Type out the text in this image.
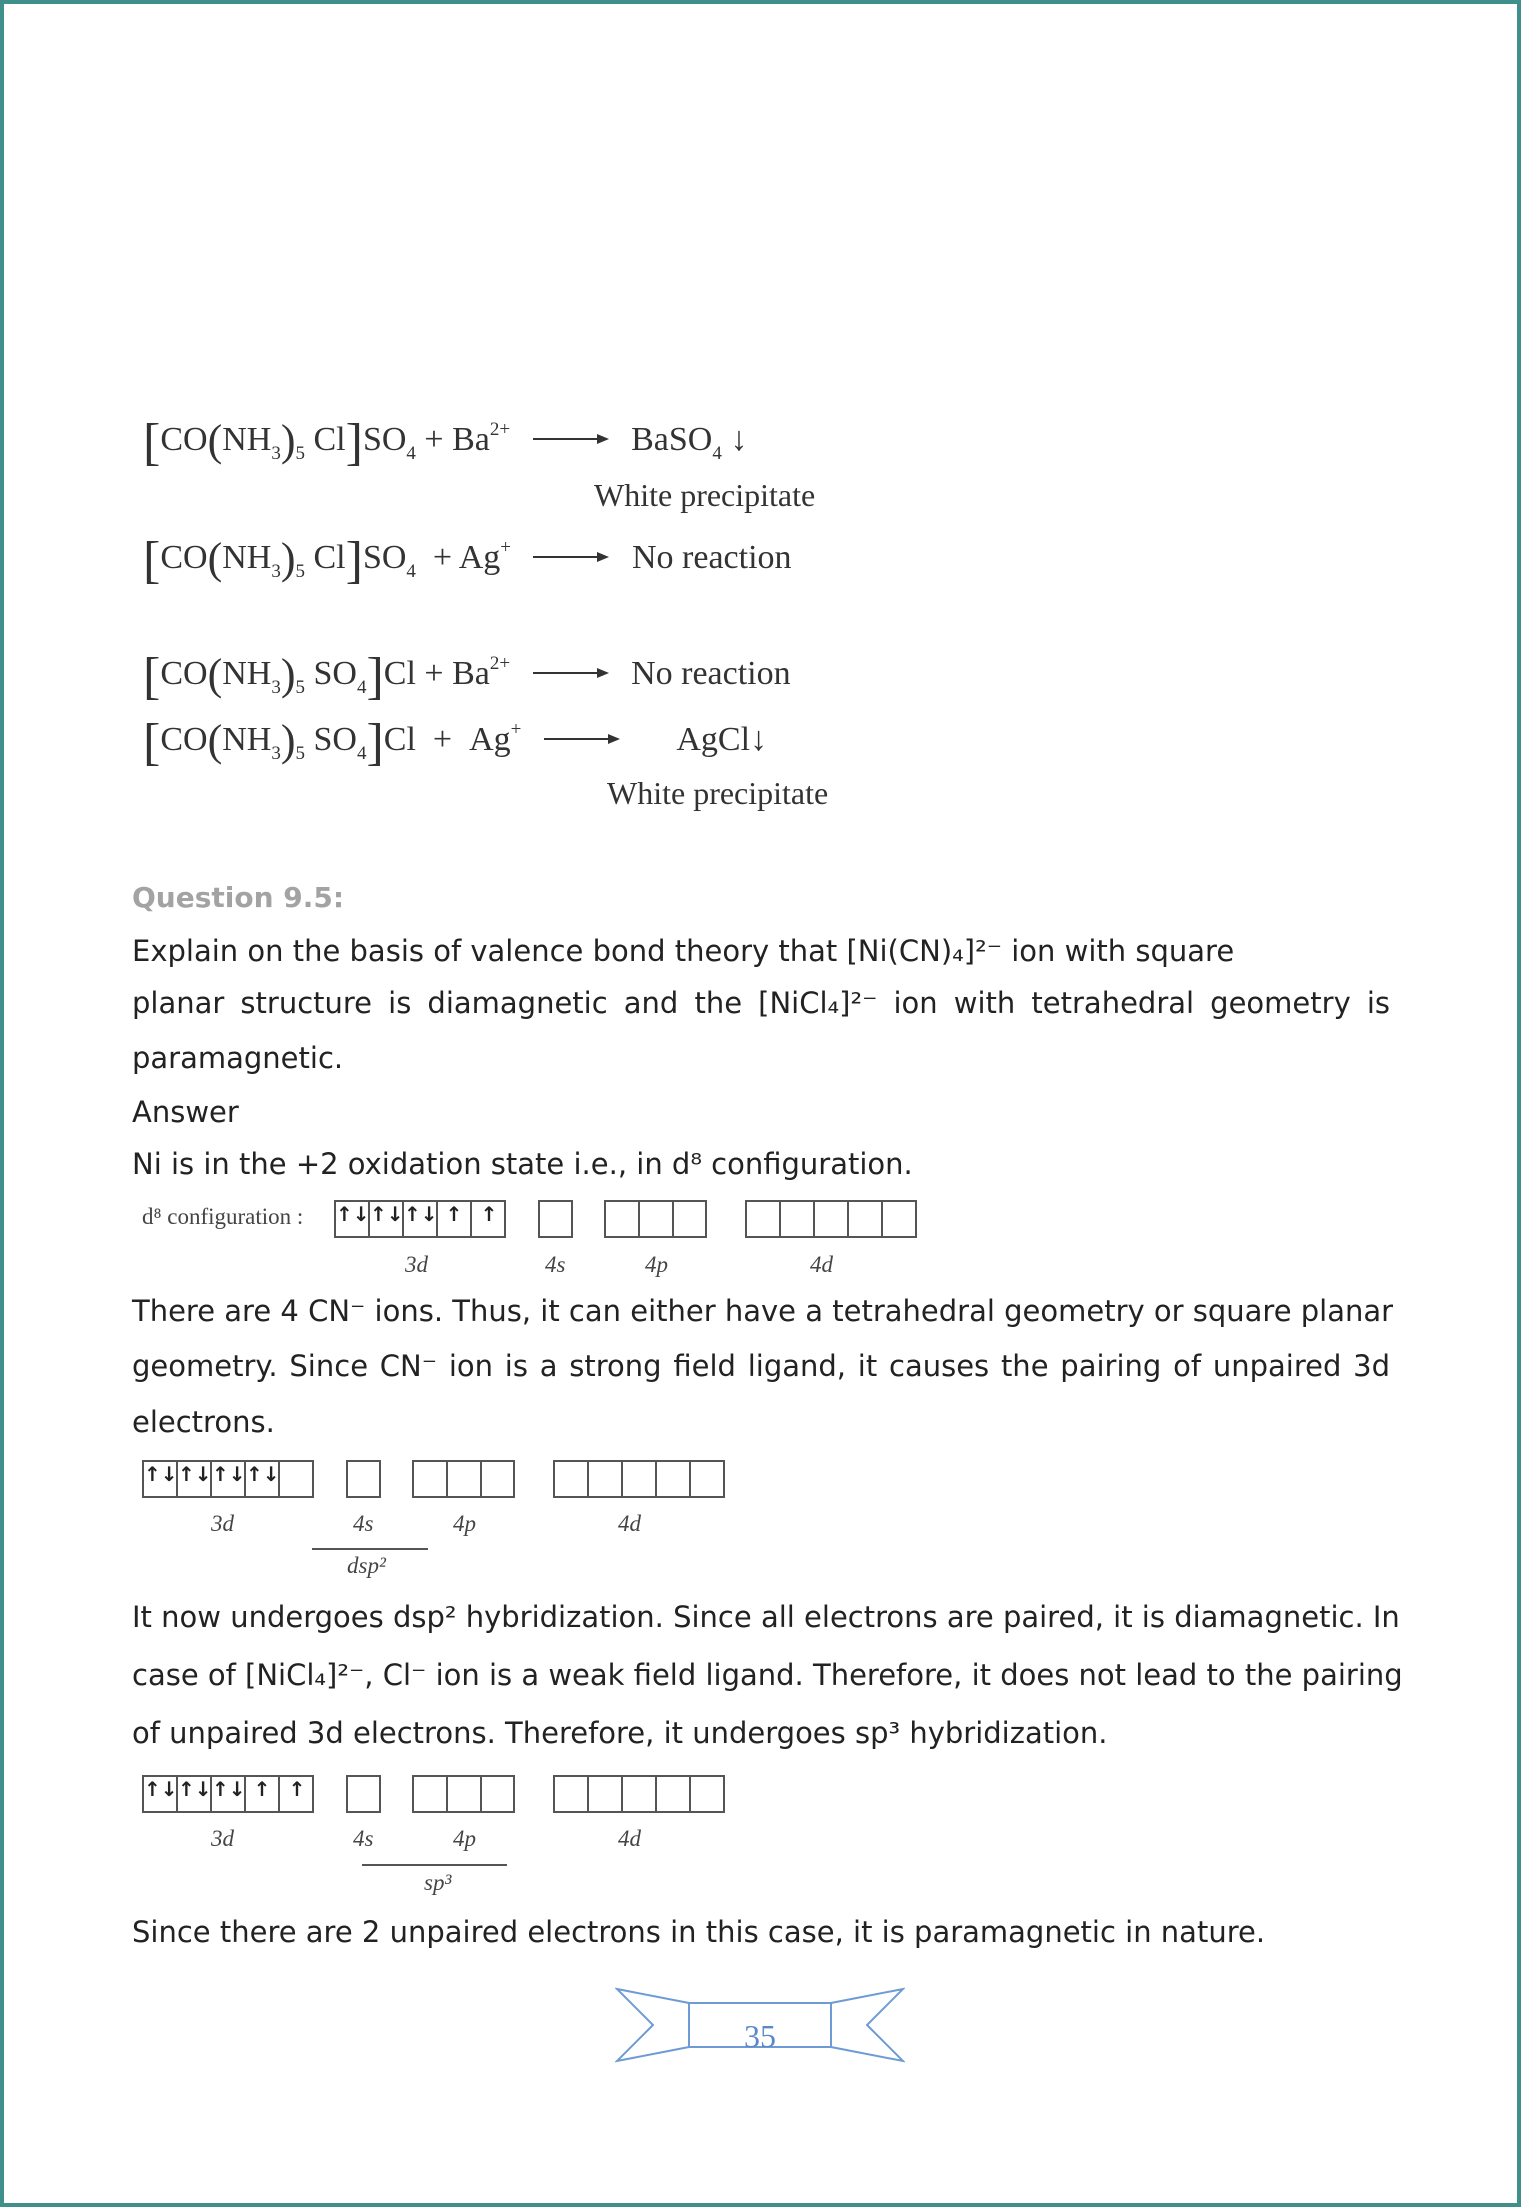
[$CO(NH_3)_5$ $Cl]SO_4 + Ba^{2+}$	BaSO$_4$ ↓
White precipitate
[$CO(NH_3)_5$ $Cl]SO_4 + Ag^+$	No reaction
[$CO(NH_3)_5$ $SO_4]Cl + Ba^{2+}$	No reaction
[$CO(NH_3)_5$ $SO_4]Cl + Ag^+$	AgCl↓
White precipitate
Question 9.5:
Explain on the basis of valence bond theory that [Ni(CN)₄]²⁻ ion with square
planar structure is diamagnetic and the [NiCl₄]²⁻ ion with tetrahedral geometry is
paramagnetic.
Answer
Ni is in the +2 oxidation state i.e., in d⁸ configuration.
d⁸ configuration : ↑↓ ↑↓ ↑↓ ↑ ↑
3d	4s	4p	4d
There are 4 CN⁻ ions. Thus, it can either have a tetrahedral geometry or square planar
geometry. Since CN⁻ ion is a strong field ligand, it causes the pairing of unpaired 3d
electrons.
↑↓ ↑↓ ↑↓ ↑↓
3d	4s	4p	4d
dsp²
It now undergoes dsp² hybridization. Since all electrons are paired, it is diamagnetic. In
case of [NiCl₄]²⁻, Cl⁻ ion is a weak field ligand. Therefore, it does not lead to the pairing
of unpaired 3d electrons. Therefore, it undergoes sp³ hybridization.
↑↓ ↑↓ ↑↓ ↑ ↑
3d	4s	4p	4d
sp³
Since there are 2 unpaired electrons in this case, it is paramagnetic in nature.
35
